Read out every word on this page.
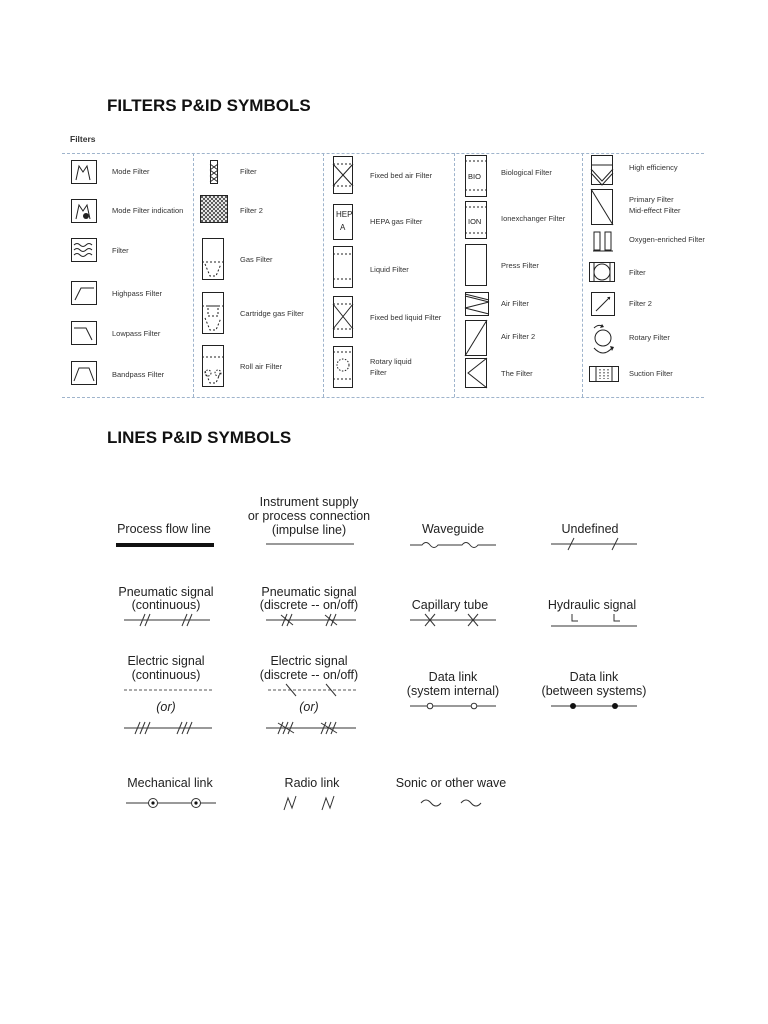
FILTERS P&ID SYMBOLS
Filters
Mode Filter
Mode Filter indication
Filter
Highpass Filter
Lowpass Filter
Bandpass Filter
Filter
Filter 2
Gas Filter
Cartridge gas Filter
Roll air Filter
Fixed bed air Filter
HEP
A
HEPA gas Filter
Liquid Filter
Fixed bed liquid Filter
Rotary liquid
Filter
BIO	Biological Filter
ION	Ionexchanger Filter
Press Filter
Air Filter
Air Filter 2
The Filter
High efficiency
Primary Filter
Mid-effect Filter
Oxygen-enriched Filter
Filter
Filter 2
Rotary Filter
Suction Filter
LINES P&ID SYMBOLS
Process flow line
Instrument supply
or process connection
(impulse line)	Waveguide	Undefined
Pneumatic signal
(continuous)
Pneumatic signal
(discrete -- on/off)	Capillary tube	Hydraulic signal
Electric signal
(continuous)
(or)
Electric signal
(discrete -- on/off)
(or)
Data link
(system internal)
Data link
(between systems)
Mechanical link	Radio link	Sonic or other wave
